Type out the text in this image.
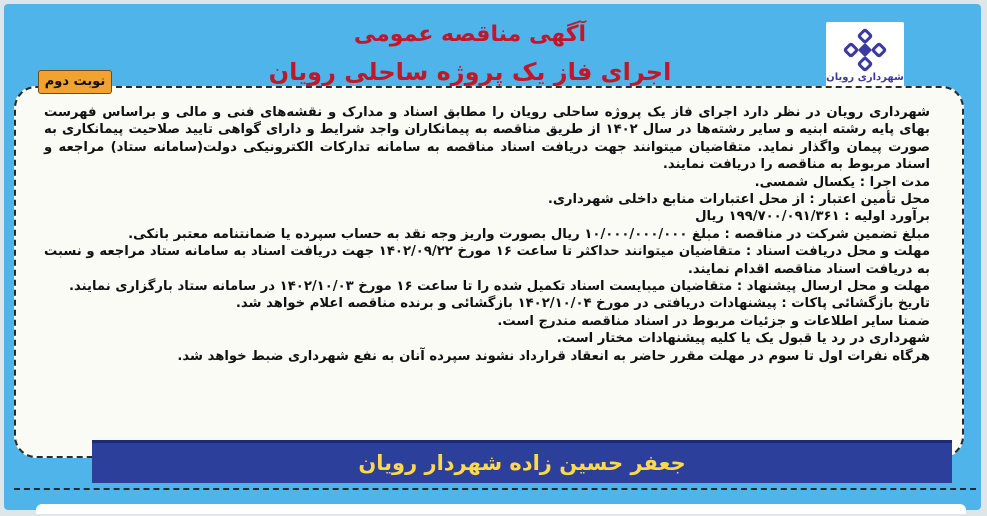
شهرداری رویان
آگهی مناقصه عمومی
اجرای فاز یک پروژه ساحلی رویان
نوبت دوم

شهرداری رویان در نظر دارد اجرای فاز یک پروژه ساحلی رویان را مطابق اسناد و مدارک و نقشه‌های فنی و مالی و براساس فهرست بهای پایه رشته ابنیه و سایر رشته‌ها در سال ۱۴۰۲ از طریق مناقصه به پیمانکاران واجد شرایط و دارای گواهی تایید صلاحیت پیمانکاری به صورت پیمان واگذار نماید. متقاضیان میتوانند جهت دریافت اسناد مناقصه به سامانه تدارکات الکترونیکی دولت(سامانه ستاد) مراجعه و اسناد مربوط به مناقصه را دریافت نمایند.

مدت اجرا : یکسال شمسی.

محل تأمین اعتبار : از محل اعتبارات منابع داخلی شهرداری.

برآورد اولیه : ۱۹۹/۷۰۰/۰۹۱/۳۶۱ ریال

مبلغ تضمین شرکت در مناقصه : مبلغ ۱۰/۰۰۰/۰۰۰/۰۰۰ ریال بصورت واریز وجه نقد به حساب سپرده یا ضمانتنامه معتبر بانکی.

مهلت و محل دریافت اسناد : متقاضیان میتوانند حداکثر تا ساعت ۱۶ مورخ ۱۴۰۲/۰۹/۲۲ جهت دریافت اسناد به سامانه ستاد مراجعه و نسبت به دریافت اسناد مناقصه اقدام نمایند.

مهلت و محل ارسال پیشنهاد : متقاضیان میبایست اسناد تکمیل شده را تا ساعت ۱۶ مورخ ۱۴۰۲/۱۰/۰۳ در سامانه ستاد بارگزاری نمایند.

تاریخ بازگشائی پاکات : پیشنهادات دریافتی در مورخ ۱۴۰۲/۱۰/۰۴ بازگشائی و برنده مناقصه اعلام خواهد شد.

ضمنا سایر اطلاعات و جزئیات مربوط در اسناد مناقصه مندرج است.

شهرداری در رد یا قبول یک یا کلیه پیشنهادات مختار است.

هرگاه نفرات اول تا سوم در مهلت مقرر حاضر به انعقاد قرارداد نشوند سپرده آنان به نفع شهرداری ضبط خواهد شد.

جعفر حسین زاده شهردار رویان
